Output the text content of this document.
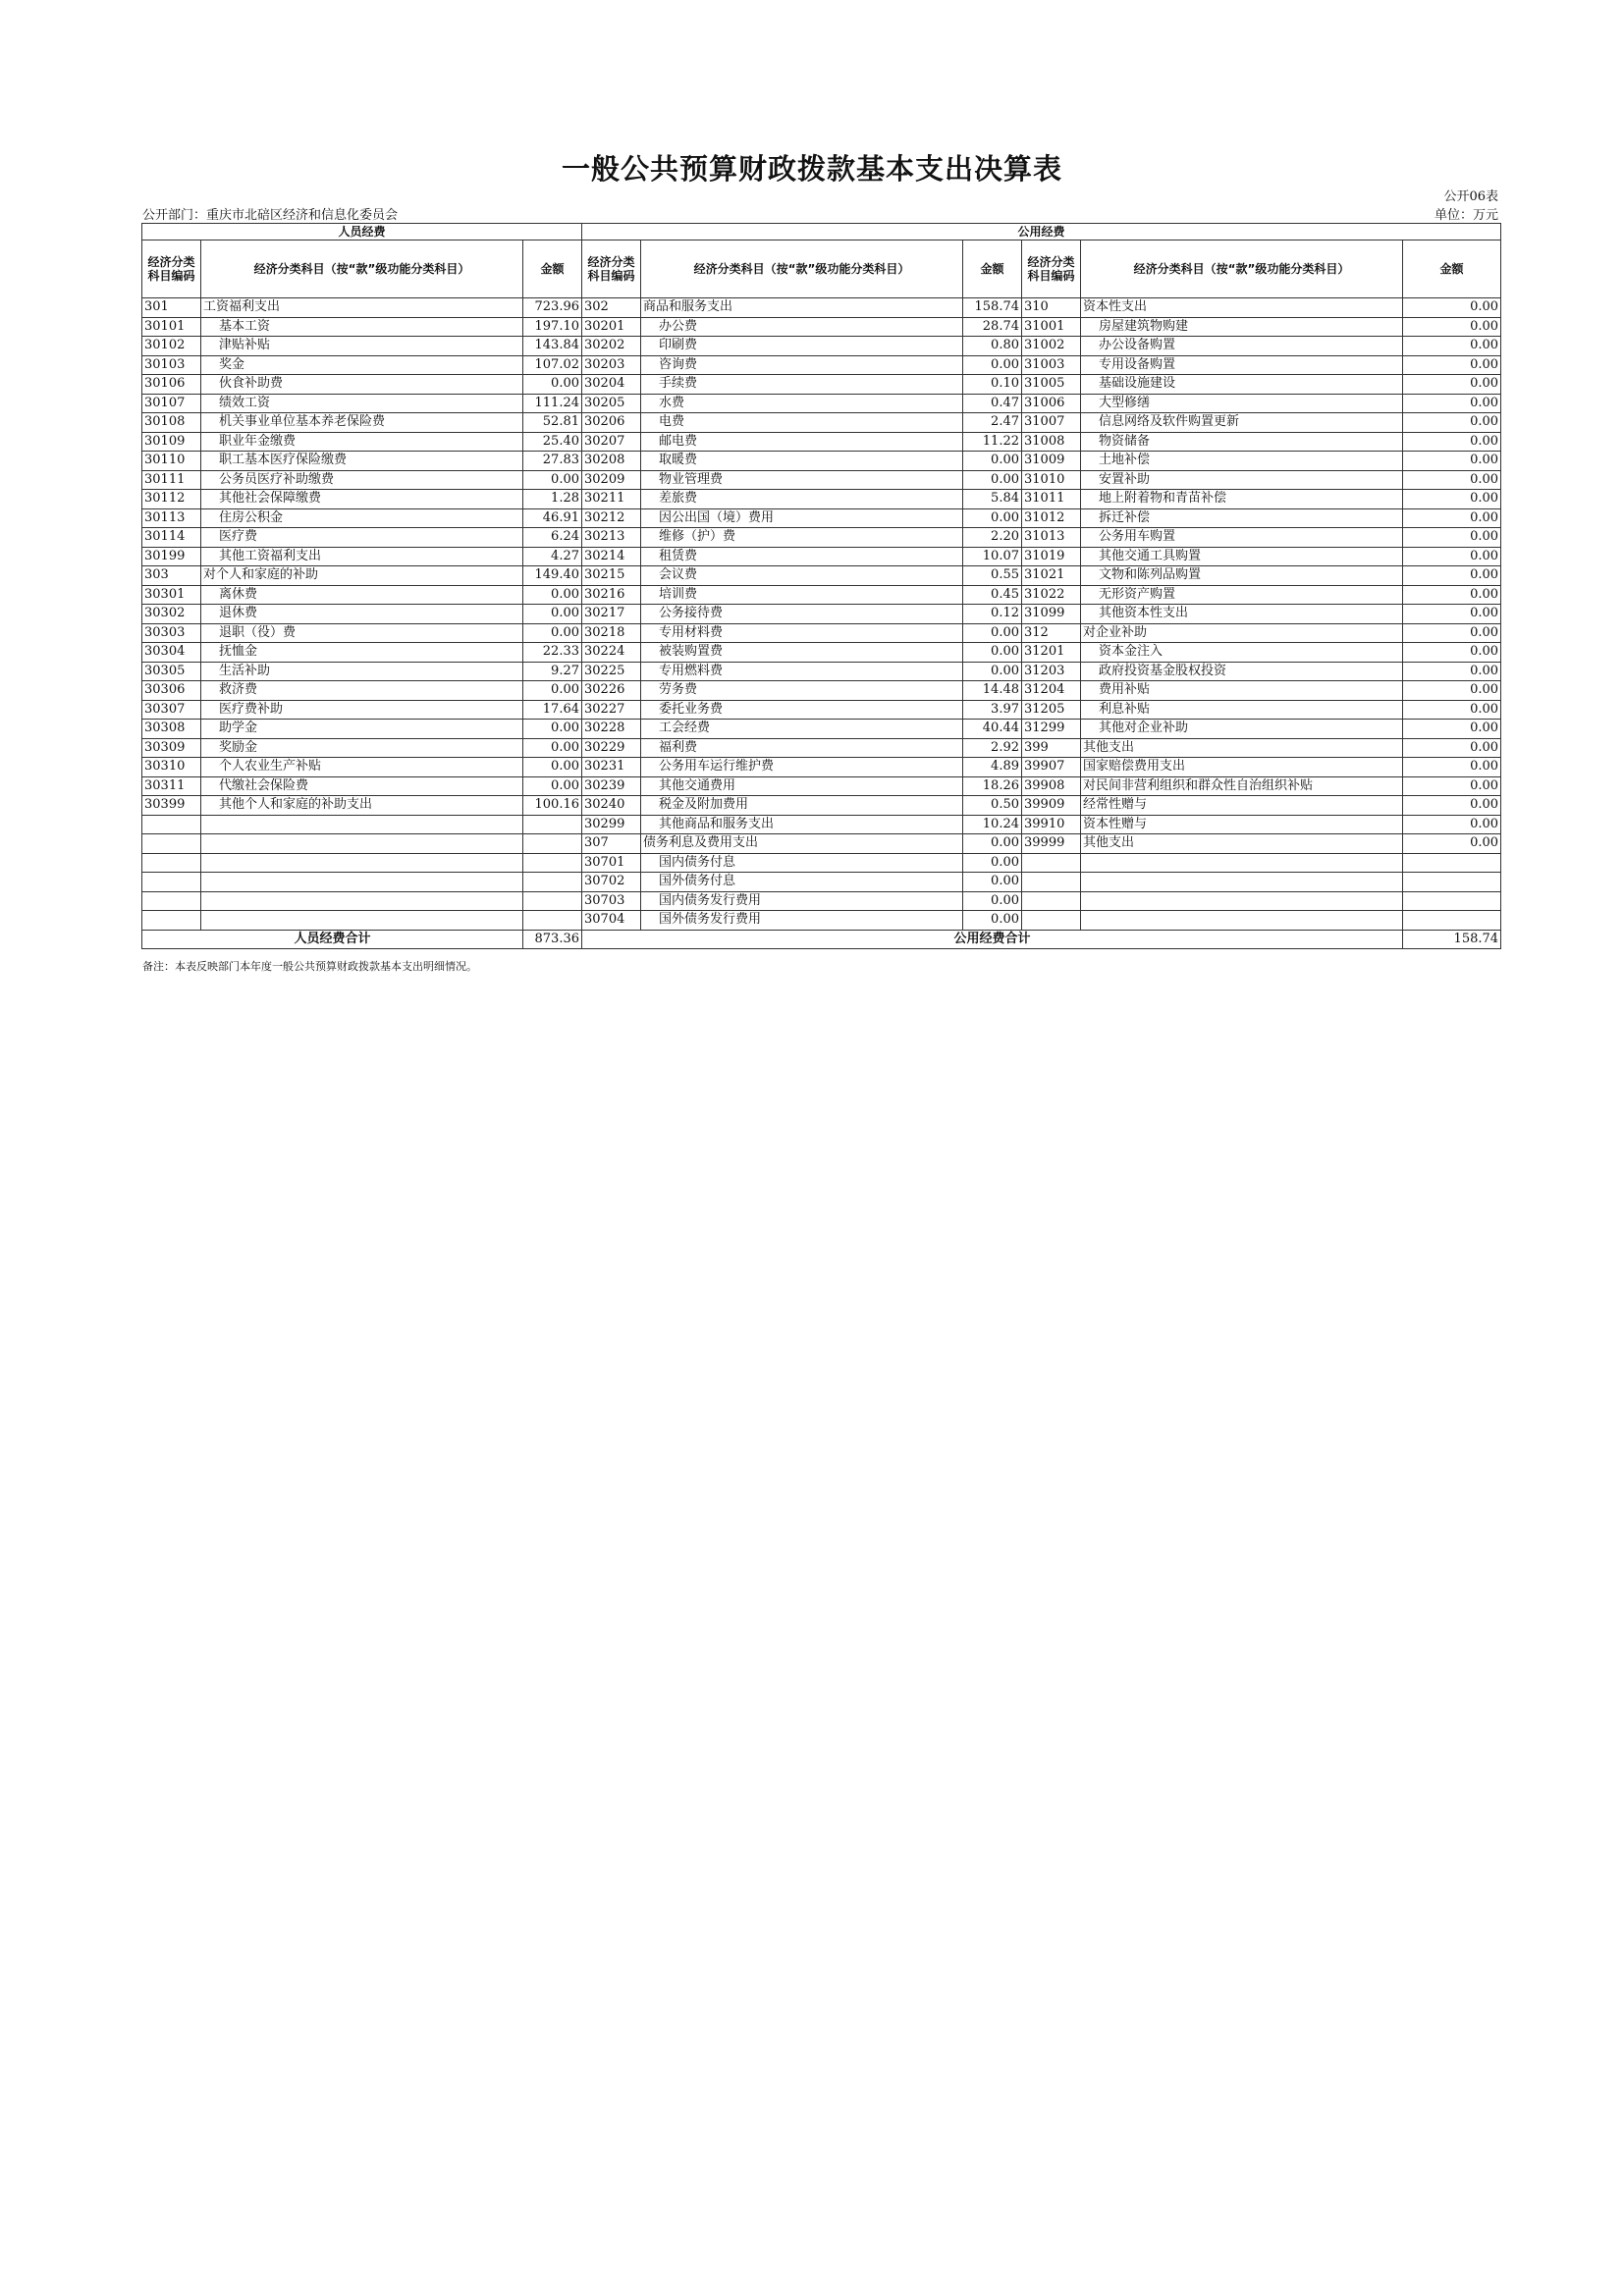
一般公共预算财政拨款基本支出决算表
公开06表
公开部门：重庆市北碚区经济和信息化委员会	单位：万元
人员经费			公用经费					
经济分类科目编码	经济分类科目（按“款”级功能分类科目）	金额	经济分类科目编码	经济分类科目（按“款”级功能分类科目）	金额	经济分类科目编码	经济分类科目（按“款”级功能分类科目）	金额
301	工资福利支出	723.96	302	商品和服务支出	158.74	310	资本性支出	0.00
30101	基本工资	197.10	30201	办公费	28.74	31001	房屋建筑物购建	0.00
30102	津贴补贴	143.84	30202	印刷费	0.80	31002	办公设备购置	0.00
30103	奖金	107.02	30203	咨询费	0.00	31003	专用设备购置	0.00
30106	伙食补助费	0.00	30204	手续费	0.10	31005	基础设施建设	0.00
30107	绩效工资	111.24	30205	水费	0.47	31006	大型修缮	0.00
30108	机关事业单位基本养老保险费	52.81	30206	电费	2.47	31007	信息网络及软件购置更新	0.00
30109	职业年金缴费	25.40	30207	邮电费	11.22	31008	物资储备	0.00
30110	职工基本医疗保险缴费	27.83	30208	取暖费	0.00	31009	土地补偿	0.00
30111	公务员医疗补助缴费	0.00	30209	物业管理费	0.00	31010	安置补助	0.00
30112	其他社会保障缴费	1.28	30211	差旅费	5.84	31011	地上附着物和青苗补偿	0.00
30113	住房公积金	46.91	30212	因公出国（境）费用	0.00	31012	拆迁补偿	0.00
30114	医疗费	6.24	30213	维修（护）费	2.20	31013	公务用车购置	0.00
30199	其他工资福利支出	4.27	30214	租赁费	10.07	31019	其他交通工具购置	0.00
303	对个人和家庭的补助	149.40	30215	会议费	0.55	31021	文物和陈列品购置	0.00
30301	离休费	0.00	30216	培训费	0.45	31022	无形资产购置	0.00
30302	退休费	0.00	30217	公务接待费	0.12	31099	其他资本性支出	0.00
30303	退职（役）费	0.00	30218	专用材料费	0.00	312	对企业补助	0.00
30304	抚恤金	22.33	30224	被装购置费	0.00	31201	资本金注入	0.00
30305	生活补助	9.27	30225	专用燃料费	0.00	31203	政府投资基金股权投资	0.00
30306	救济费	0.00	30226	劳务费	14.48	31204	费用补贴	0.00
30307	医疗费补助	17.64	30227	委托业务费	3.97	31205	利息补贴	0.00
30308	助学金	0.00	30228	工会经费	40.44	31299	其他对企业补助	0.00
30309	奖励金	0.00	30229	福利费	2.92	399	其他支出	0.00
30310	个人农业生产补贴	0.00	30231	公务用车运行维护费	4.89	39907	国家赔偿费用支出	0.00
30311	代缴社会保险费	0.00	30239	其他交通费用	18.26	39908	对民间非营利组织和群众性自治组织补贴	0.00
30399	其他个人和家庭的补助支出	100.16	30240	税金及附加费用	0.50	39909	经常性赠与	0.00
			30299	其他商品和服务支出	10.24	39910	资本性赠与	0.00
			307	债务利息及费用支出	0.00	39999	其他支出	0.00
			30701	国内债务付息	0.00			
			30702	国外债务付息	0.00			
			30703	国内债务发行费用	0.00			
			30704	国外债务发行费用	0.00			
人员经费合计		873.36	公用经费合计					158.74
备注：本表反映部门本年度一般公共预算财政拨款基本支出明细情况。
